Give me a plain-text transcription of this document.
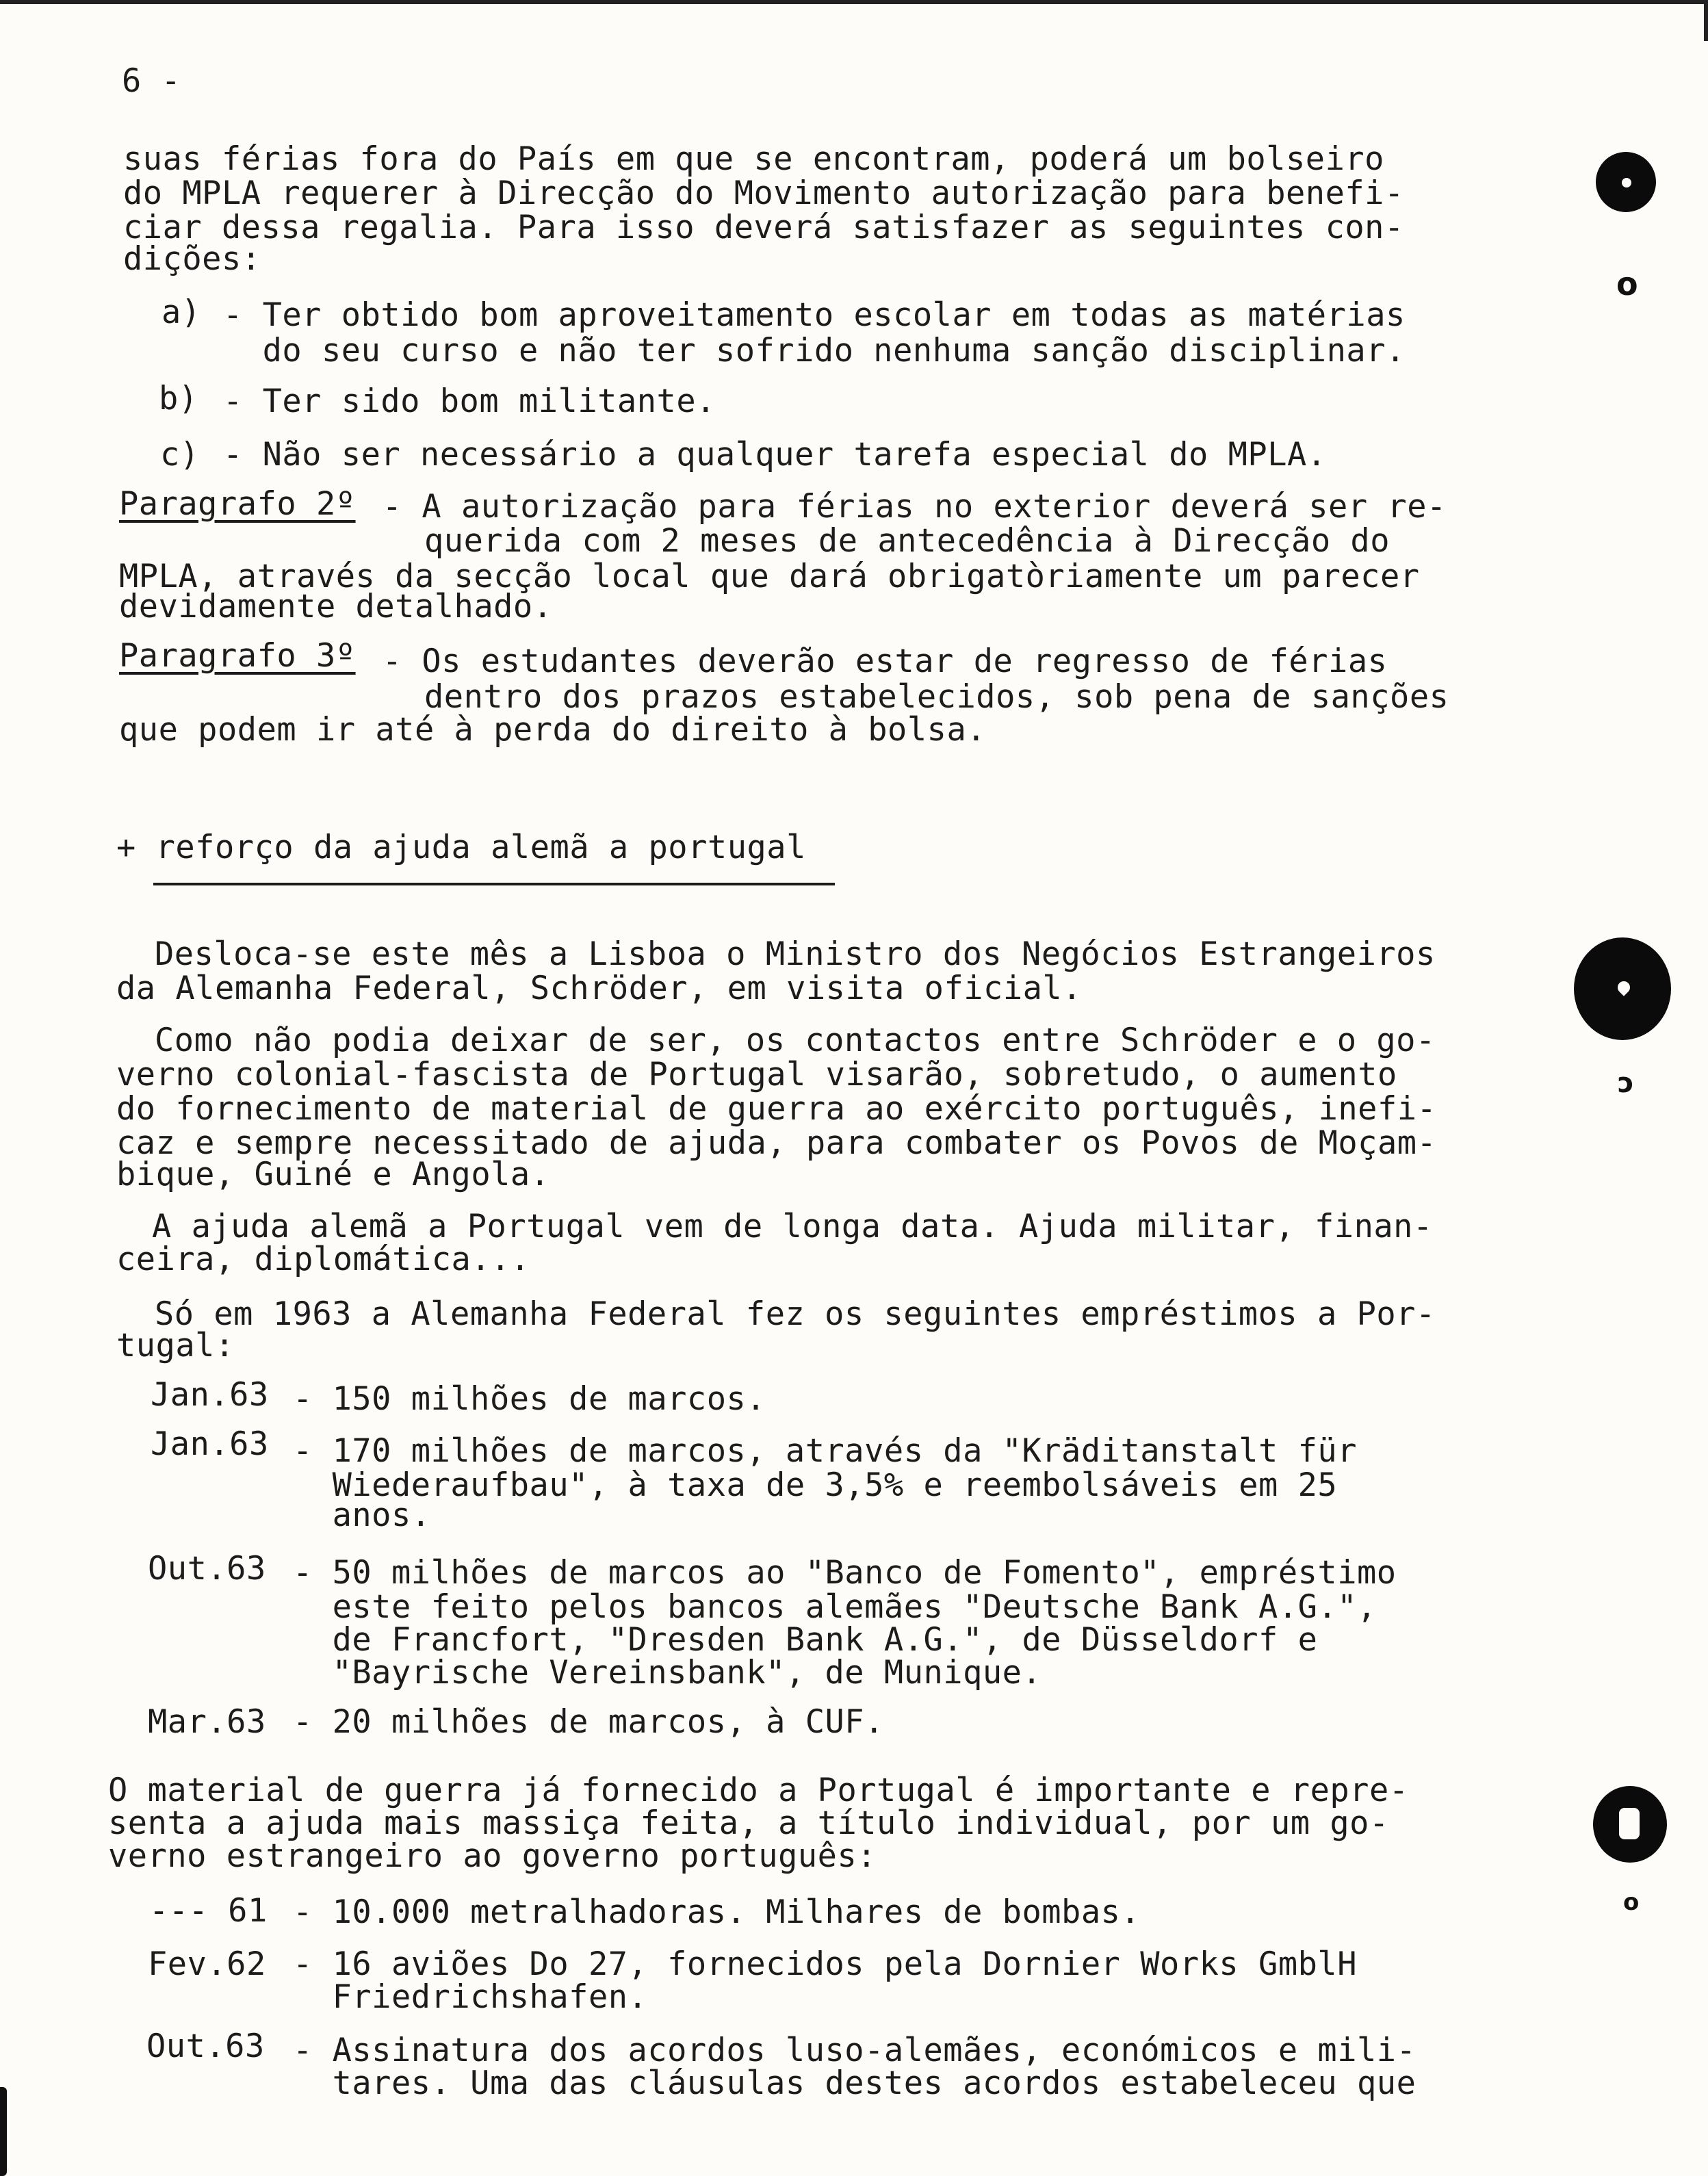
o
ɔ
o
6 -
suas férias fora do País em que se encontram, poderá um bolseiro
do MPLA requerer à Direcção do Movimento autorização para benefi-
ciar dessa regalia. Para isso deverá satisfazer as seguintes con-
dições:
a) - Ter obtido bom aproveitamento escolar em todas as matérias
do seu curso e não ter sofrido nenhuma sanção disciplinar.
b) - Ter sido bom militante.
c) - Não ser necessário a qualquer tarefa especial do MPLA.
Paragrafo 2º - A autorização para férias no exterior deverá ser re-
querida com 2 meses de antecedência à Direcção do
MPLA, através da secção local que dará obrigatòriamente um parecer
devidamente detalhado.
Paragrafo 3º - Os estudantes deverão estar de regresso de férias
dentro dos prazos estabelecidos, sob pena de sanções
que podem ir até à perda do direito à bolsa.
+ reforço da ajuda alemã a portugal
Desloca-se este mês a Lisboa o Ministro dos Negócios Estrangeiros
da Alemanha Federal, Schröder, em visita oficial.
Como não podia deixar de ser, os contactos entre Schröder e o go-
verno colonial-fascista de Portugal visarão, sobretudo, o aumento
do fornecimento de material de guerra ao exército português, inefi-
caz e sempre necessitado de ajuda, para combater os Povos de Moçam-
bique, Guiné e Angola.
A ajuda alemã a Portugal vem de longa data. Ajuda militar, finan-
ceira, diplomática...
Só em 1963 a Alemanha Federal fez os seguintes empréstimos a Por-
tugal:
Jan.63 - 150 milhões de marcos.
Jan.63 - 170 milhões de marcos, através da "Kräditanstalt für
Wiederaufbau", à taxa de 3,5% e reembolsáveis em 25
anos.
Out.63 - 50 milhões de marcos ao "Banco de Fomento", empréstimo
este feito pelos bancos alemães "Deutsche Bank A.G.",
de Francfort, "Dresden Bank A.G.", de Düsseldorf e
"Bayrische Vereinsbank", de Munique.
Mar.63 - 20 milhões de marcos, à CUF.
O material de guerra já fornecido a Portugal é importante e repre-
senta a ajuda mais massiça feita, a título individual, por um go-
verno estrangeiro ao governo português:
--- 61 - 10.000 metralhadoras. Milhares de bombas.
Fev.62 - 16 aviões Do 27, fornecidos pela Dornier Works GmblH
Friedrichshafen.
Out.63 - Assinatura dos acordos luso-alemães, económicos e mili-
tares. Uma das cláusulas destes acordos estabeleceu que
